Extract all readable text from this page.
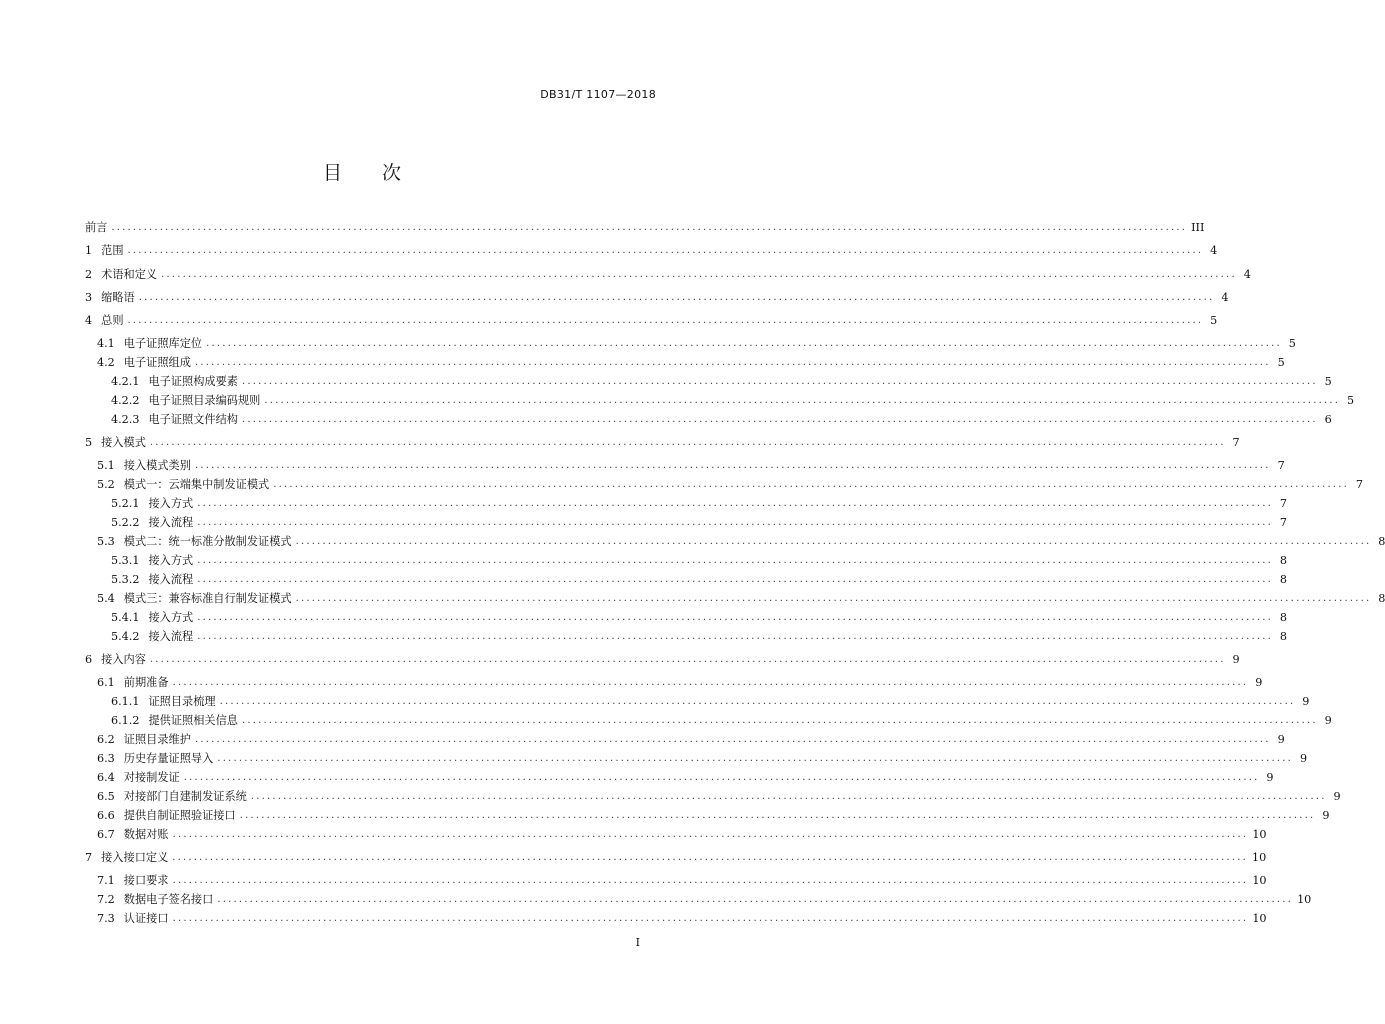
DB31/T 1107—2018
目 次
前言 ........................................................................................................................................................................................................ III
1 范围 ........................................................................................................................................................................................................ 4
2 术语和定义 ........................................................................................................................................................................................................ 4
3 缩略语 ........................................................................................................................................................................................................ 4
4 总则 ........................................................................................................................................................................................................ 5
4.1 电子证照库定位 ........................................................................................................................................................................................................ 5
4.2 电子证照组成 ........................................................................................................................................................................................................ 5
4.2.1 电子证照构成要素 ........................................................................................................................................................................................................ 5
4.2.2 电子证照目录编码规则 ........................................................................................................................................................................................................ 5
4.2.3 电子证照文件结构 ........................................................................................................................................................................................................ 6
5 接入模式 ........................................................................................................................................................................................................ 7
5.1 接入模式类别 ........................................................................................................................................................................................................ 7
5.2 模式一：云端集中制发证模式 ........................................................................................................................................................................................................ 7
5.2.1 接入方式 ........................................................................................................................................................................................................ 7
5.2.2 接入流程 ........................................................................................................................................................................................................ 7
5.3 模式二：统一标准分散制发证模式 ........................................................................................................................................................................................................ 8
5.3.1 接入方式 ........................................................................................................................................................................................................ 8
5.3.2 接入流程 ........................................................................................................................................................................................................ 8
5.4 模式三：兼容标准自行制发证模式 ........................................................................................................................................................................................................ 8
5.4.1 接入方式 ........................................................................................................................................................................................................ 8
5.4.2 接入流程 ........................................................................................................................................................................................................ 8
6 接入内容 ........................................................................................................................................................................................................ 9
6.1 前期准备 ........................................................................................................................................................................................................ 9
6.1.1 证照目录梳理 ........................................................................................................................................................................................................ 9
6.1.2 提供证照相关信息 ........................................................................................................................................................................................................ 9
6.2 证照目录维护 ........................................................................................................................................................................................................ 9
6.3 历史存量证照导入 ........................................................................................................................................................................................................ 9
6.4 对接制发证 ........................................................................................................................................................................................................ 9
6.5 对接部门自建制发证系统 ........................................................................................................................................................................................................ 9
6.6 提供自制证照验证接口 ........................................................................................................................................................................................................ 9
6.7 数据对账 ........................................................................................................................................................................................................ 10
7 接入接口定义 ........................................................................................................................................................................................................ 10
7.1 接口要求 ........................................................................................................................................................................................................ 10
7.2 数据电子签名接口 ........................................................................................................................................................................................................ 10
7.3 认证接口 ........................................................................................................................................................................................................ 10
I
